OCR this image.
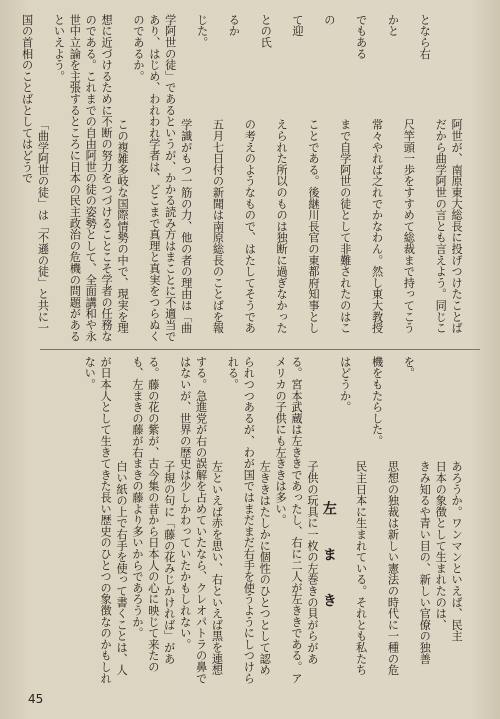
阿世が、南原東大総長に投げつけたことば
だから曲学阿世の言とも言えよう。同じことなら右
尺竿頭一歩をすすめて総裁まで持ってこうかと
常々やれば之れでかなわん。然し東大教授でもある
まで自学阿世の徒として非難されたのはこの
ことである。後継川長官の東都府知事として迎
えられた所以のものは独断に過ぎなかったとの氏
の考えのようなもので、はたしてそうであるか
五月七日付の新聞は南原総長のことばを報じた。
学識がもつ一筋の力、他の者の理由は「曲学阿世の徒」であるというが、かかる読み方はまことに不適当であり、はじめ、われわれ学者は、どこまで真理と真実をつらぬくのであるか。
この複雑多岐な国際情勢の中で、現実を理想に近づけるために不断の努力をつづけることこそ学者の任務なのである。これまでの自由阿世の徒の姿勢として、全面講和や永世中立論を主張するところに日本の民主政治の危機の問題があるといえよう。
「曲学阿世の徒」は「不遜の徒」と共に一国の首相のことばとしてはどうで

あろうか。ワンマンといえば、民主
日本の象徴として生まれたのは、
きみ知るや青い目の、新しい官僚の独善を。
思想の独裁は新しい憲法の時代に一種の危機をもたらした。
民主日本に生まれている。それとも私たちはどうか。
左 ま き
子供の玩具に一枚の左巻きの貝がらがある。宮本武蔵は左ききであったし、右に二人が左ききである。アメリカの子供にも左ききは多い。
左ききはたしかに個性のひとつとして認められつつあるが、わが国ではまだまだ右手を使うようにしつけられる。
左といえば赤を思い、右といえば黒を連想する。急進党が右の誤解を占めていたなら、クレオパトラの鼻ではないが、世界の歴史は少しかわっていたかもしれない。
子規の句に「藤の花みじかければ」がある。藤の花の紫が、古今集の昔から日本人の心に映じて来たのも、左まきの藤が右まきの藤より多いからであろうか。
白い紙の上で右手を使って書くことは、人が日本人として生きてきた長い歴史のひとつの象徴なのかもしれない。

45
